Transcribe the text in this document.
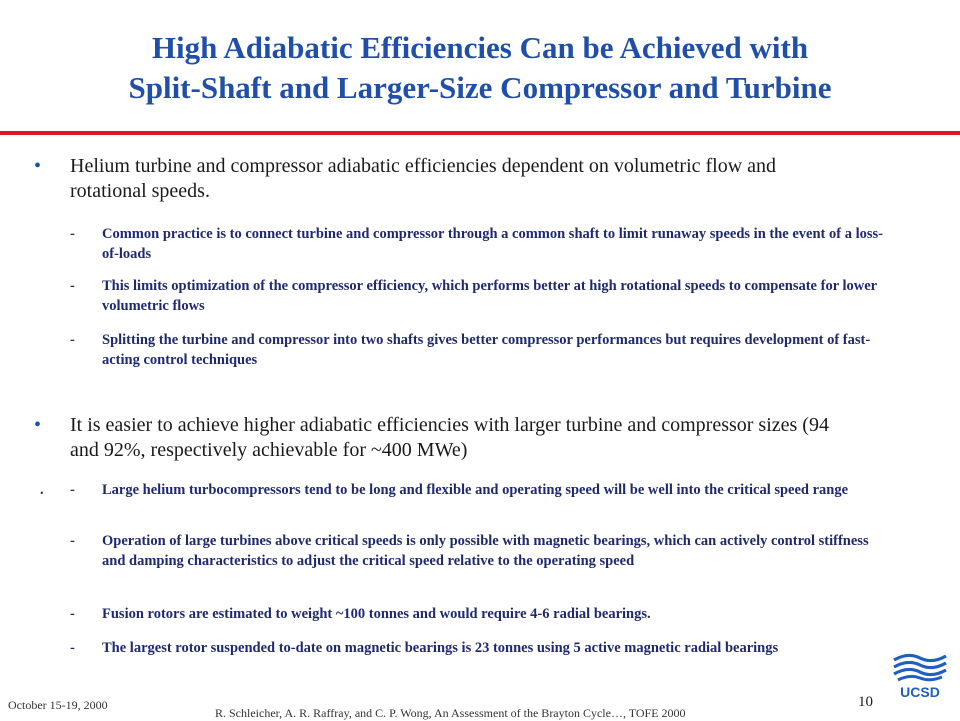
High Adiabatic Efficiencies Can be Achieved with
Split-Shaft and Larger-Size Compressor and Turbine
• Helium turbine and compressor adiabatic efficiencies dependent on volumetric flow and rotational speeds.
- Common practice is to connect turbine and compressor through a common shaft to limit runaway speeds in the event of a loss-of-loads
- This limits optimization of the compressor efficiency, which performs better at high rotational speeds to compensate for lower volumetric flows
- Splitting the turbine and compressor into two shafts gives better compressor performances but requires development of fast-acting control techniques
• It is easier to achieve higher adiabatic efficiencies with larger turbine and compressor sizes (94 and 92%, respectively achievable for ~400 MWe)
.	- Large helium turbocompressors tend to be long and flexible and operating speed will be well into the critical speed range
- Operation of large turbines above critical speeds is only possible with magnetic bearings, which can actively control stiffness and damping characteristics to adjust the critical speed relative to the operating speed
- Fusion rotors are estimated to weight ~100 tonnes and would require 4-6 radial bearings.
- The largest rotor suspended to-date on magnetic bearings is 23 tonnes using 5 active magnetic radial bearings
October 15-19, 2000
R. Schleicher, A. R. Raffray, and C. P. Wong, An Assessment of the Brayton Cycle…, TOFE 2000
10
UCSD
